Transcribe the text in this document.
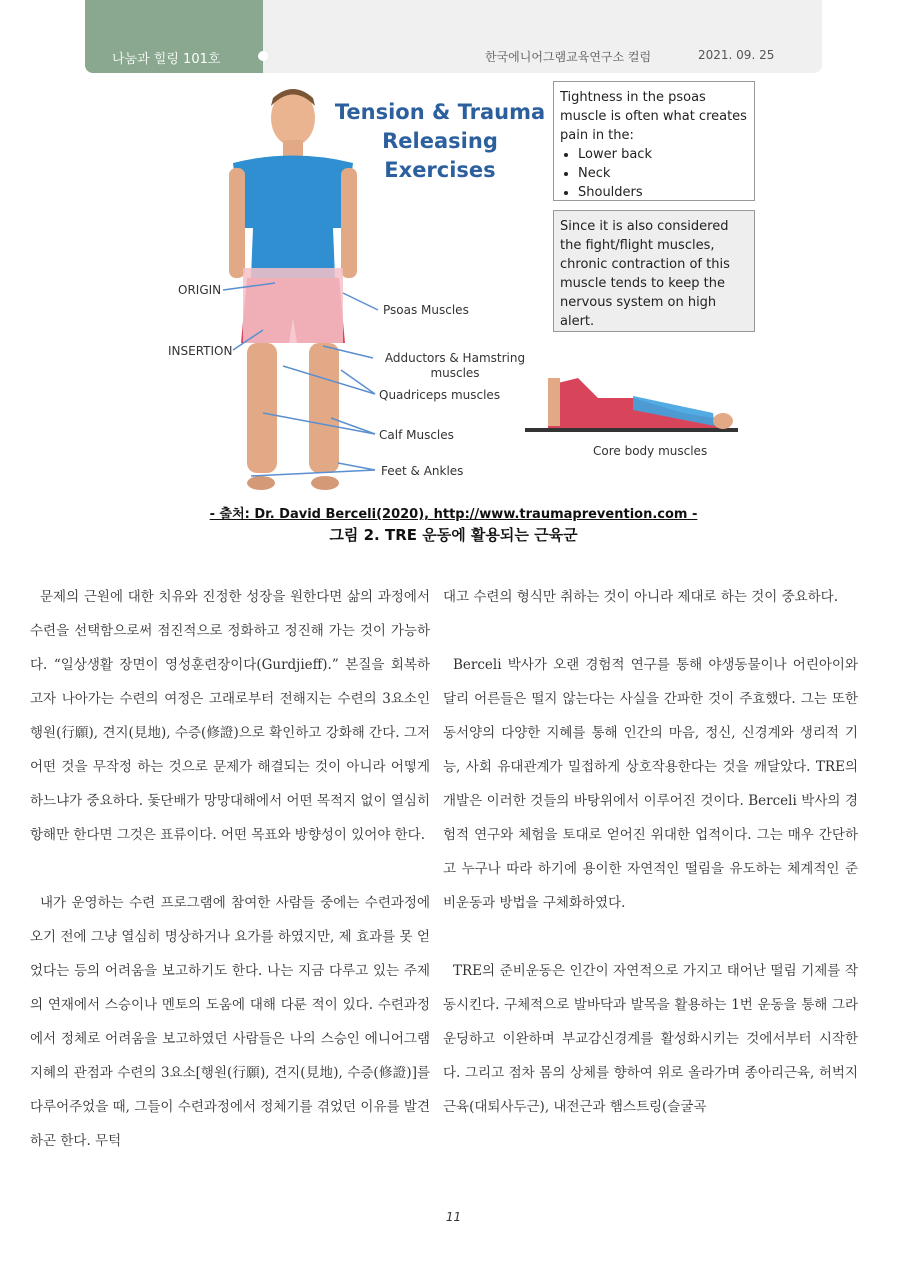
나눔과 힐링 101호	한국에니어그램교육연구소 컬럼	2021. 09. 25
Tension & Trauma
Releasing Exercises
Tightness in the psoas muscle is often what creates pain in the:
• Lower back
• Neck
• Shoulders
Since it is also considered the fight/flight muscles, chronic contraction of this muscle tends to keep the nervous system on high alert.
ORIGIN
INSERTION
Psoas Muscles
Adductors & Hamstring muscles
Quadriceps muscles
Calf Muscles
Feet & Ankles
Core body muscles
- 출처: Dr. David Berceli(2020), http://www.traumaprevention.com -
그림 2. TRE 운동에 활용되는 근육군

문제의 근원에 대한 치유와 진정한 성장을 원한다면 삶의 과정에서 수련을 선택함으로써 점진적으로 정화하고 정진해 가는 것이 가능하다. “일상생활 장면이 영성훈련장이다(Gurdjieff).” 본질을 회복하고자 나아가는 수련의 여정은 고래로부터 전해지는 수련의 3요소인 행원(行願), 견지(見地), 수증(修證)으로 확인하고 강화해 간다. 그저 어떤 것을 무작정 하는 것으로 문제가 해결되는 것이 아니라 어떻게 하느냐가 중요하다. 돛단배가 망망대해에서 어떤 목적지 없이 열심히 항해만 한다면 그것은 표류이다. 어떤 목표와 방향성이 있어야 한다.

내가 운영하는 수련 프로그램에 참여한 사람들 중에는 수련과정에 오기 전에 그냥 열심히 명상하거나 요가를 하였지만, 제 효과를 못 얻었다는 등의 어려움을 보고하기도 한다. 나는 지금 다루고 있는 주제의 연재에서 스승이나 멘토의 도움에 대해 다룬 적이 있다. 수련과정에서 정체로 어려움을 보고하였던 사람들은 나의 스승인 에니어그램 지혜의 관점과 수련의 3요소[행원(行願), 견지(見地), 수증(修證)]를 다루어주었을 때, 그들이 수련과정에서 정체기를 겪었던 이유를 발견하곤 한다. 무턱

대고 수련의 형식만 취하는 것이 아니라 제대로 하는 것이 중요하다.

Berceli 박사가 오랜 경험적 연구를 통해 야생동물이나 어린아이와 달리 어른들은 떨지 않는다는 사실을 간파한 것이 주효했다. 그는 또한 동서양의 다양한 지혜를 통해 인간의 마음, 정신, 신경계와 생리적 기능, 사회 유대관계가 밀접하게 상호작용한다는 것을 깨달았다. TRE의 개발은 이러한 것들의 바탕위에서 이루어진 것이다. Berceli 박사의 경험적 연구와 체험을 토대로 얻어진 위대한 업적이다. 그는 매우 간단하고 누구나 따라 하기에 용이한 자연적인 떨림을 유도하는 체계적인 준비운동과 방법을 구체화하였다.

TRE의 준비운동은 인간이 자연적으로 가지고 태어난 떨림 기제를 작동시킨다. 구체적으로 발바닥과 발목을 활용하는 1번 운동을 통해 그라운딩하고 이완하며 부교감신경계를 활성화시키는 것에서부터 시작한다. 그리고 점차 몸의 상체를 향하여 위로 올라가며 종아리근육, 허벅지 근육(대퇴사두근), 내전근과 햄스트링(슬굴곡

11
